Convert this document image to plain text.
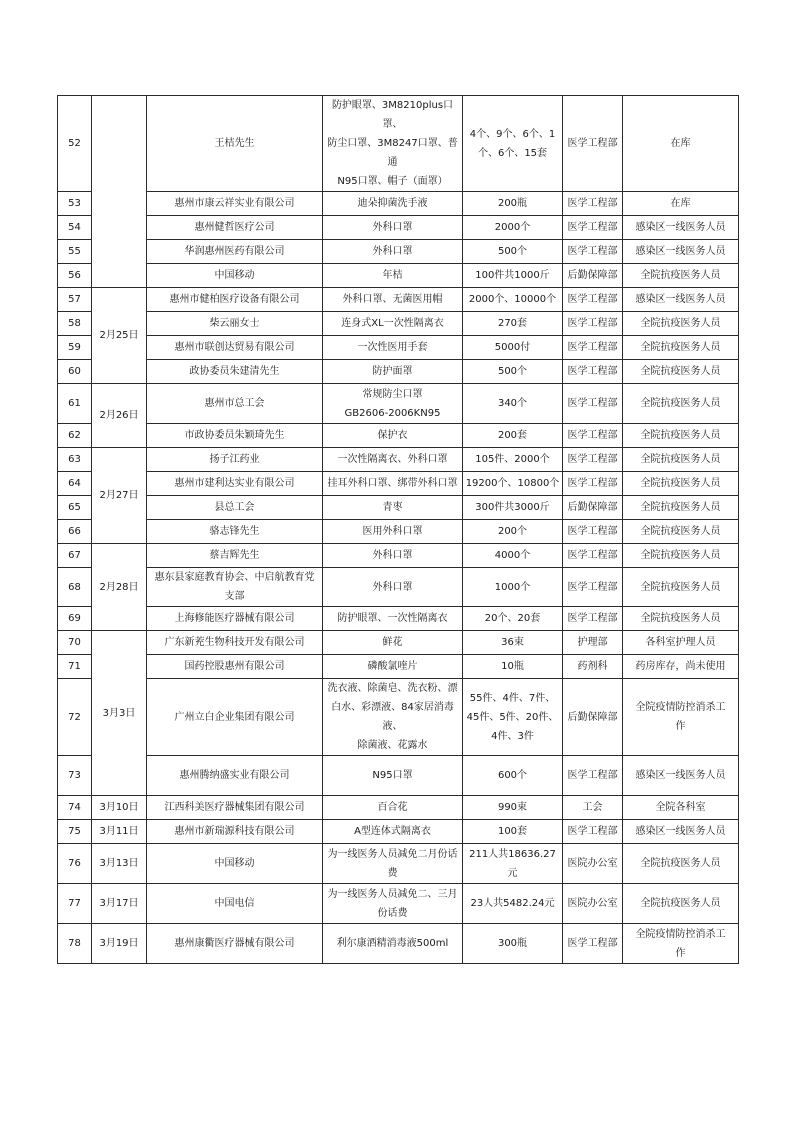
52		王桔先生	防护眼罩、3M8210plus口罩、
防尘口罩、3M8247口罩、普通
N95口罩、帽子（面罩）	4个、9个、6个、1
个、6个、15套	医学工程部	在库

53		惠州市康云祥实业有限公司	迪朵抑菌洗手液	200瓶	医学工程部	在库

54		惠州健哲医疗公司	外科口罩	2000个	医学工程部	感染区一线医务人员

55		华润惠州医药有限公司	外科口罩	500个	医学工程部	感染区一线医务人员

56		中国移动	年桔	100件共1000斤	后勤保障部	全院抗疫医务人员

57	2月25日	惠州市健柏医疗设备有限公司	外科口罩、无菌医用帽	2000个、10000个	医学工程部	感染区一线医务人员

58		柴云丽女士	连身式XL一次性隔离衣	270套	医学工程部	全院抗疫医务人员

59		惠州市联创达贸易有限公司	一次性医用手套	5000付	医学工程部	全院抗疫医务人员

60		政协委员朱建清先生	防护面罩	500个	医学工程部	全院抗疫医务人员

61	2月26日	惠州市总工会	常规防尘口罩
GB2606-2006KN95	340个	医学工程部	全院抗疫医务人员

62		市政协委员朱颖琦先生	保护衣	200套	医学工程部	全院抗疫医务人员

63	2月27日	扬子江药业	一次性隔离衣、外科口罩	105件、2000个	医学工程部	全院抗疫医务人员

64		惠州市建利达实业有限公司	挂耳外科口罩、绑带外科口罩	19200个、10800个	医学工程部	全院抗疫医务人员

65		县总工会	青枣	300件共3000斤	后勤保障部	全院抗疫医务人员

66		骆志锋先生	医用外科口罩	200个	医学工程部	全院抗疫医务人员

67	2月28日	蔡吉辉先生	外科口罩	4000个	医学工程部	全院抗疫医务人员

68		惠东县家庭教育协会、中启航教育党
支部	外科口罩	1000个	医学工程部	全院抗疫医务人员

69		上海修能医疗器械有限公司	防护眼罩、一次性隔离衣	20个、20套	医学工程部	全院抗疫医务人员

70	3月3日	广东新茺生物科技开发有限公司	鲜花	36束	护理部	各科室护理人员

71		国药控股惠州有限公司	磷酸氯喹片	10瓶	药剂科	药房库存，尚未使用

72		广州立白企业集团有限公司	洗衣液、除菌皂、洗衣粉、漂
白水、彩漂液、84家居消毒液、
除菌液、花露水	55件、4件、7件、
45件、5件、20件、
4件、3件	后勤保障部	全院疫情防控消杀工
作

73		惠州腾纳盛实业有限公司	N95口罩	600个	医学工程部	感染区一线医务人员

74	3月10日	江西科美医疗器械集团有限公司	百合花	990束	工会	全院各科室

75	3月11日	惠州市新瑞源科技有限公司	A型连体式隔离衣	100套	医学工程部	感染区一线医务人员

76	3月13日	中国移动	为一线医务人员减免二月份话
费	211人共18636.27元	医院办公室	全院抗疫医务人员

77	3月17日	中国电信	为一线医务人员减免二、三月
份话费	23人共5482.24元	医院办公室	全院抗疫医务人员

78	3月19日	惠州康衢医疗器械有限公司	利尔康酒精消毒液500ml	300瓶	医学工程部	全院疫情防控消杀工
作
